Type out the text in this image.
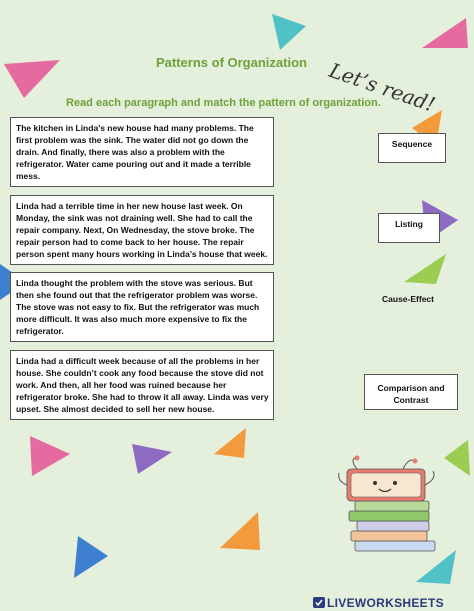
Patterns of Organization Let’s read!
Read each paragraph and match the pattern of organization.
The kitchen in Linda’s new house had many problems. The
first problem was the sink. The water did not go down the
drain. And finally, there was also a problem with the
refrigerator. Water came pouring out and it made a terrible
mess.
Linda had a terrible time in her new house last week. On
Monday, the sink was not draining well. She had to call the
repair company. Next, On Wednesday, the stove broke. The
repair person had to come back to her house. The repair
person spent many hours working in Linda’s house that week.
Linda thought the problem with the stove was serious. But
then she found out that the refrigerator problem was worse.
The stove was not easy to fix. But the refrigerator was much
more difficult. It was also much more expensive to fix the
refrigerator.
Linda had a difficult week because of all the problems in her
house. She couldn’t cook any food because the stove did not
work. And then, all her food was ruined because her
refrigerator broke. She had to throw it all away. Linda was very
upset. She almost decided to sell her new house.
Sequence
Listing
Cause-Effect
Comparison and
Contrast
LIVEWORKSHEETS
